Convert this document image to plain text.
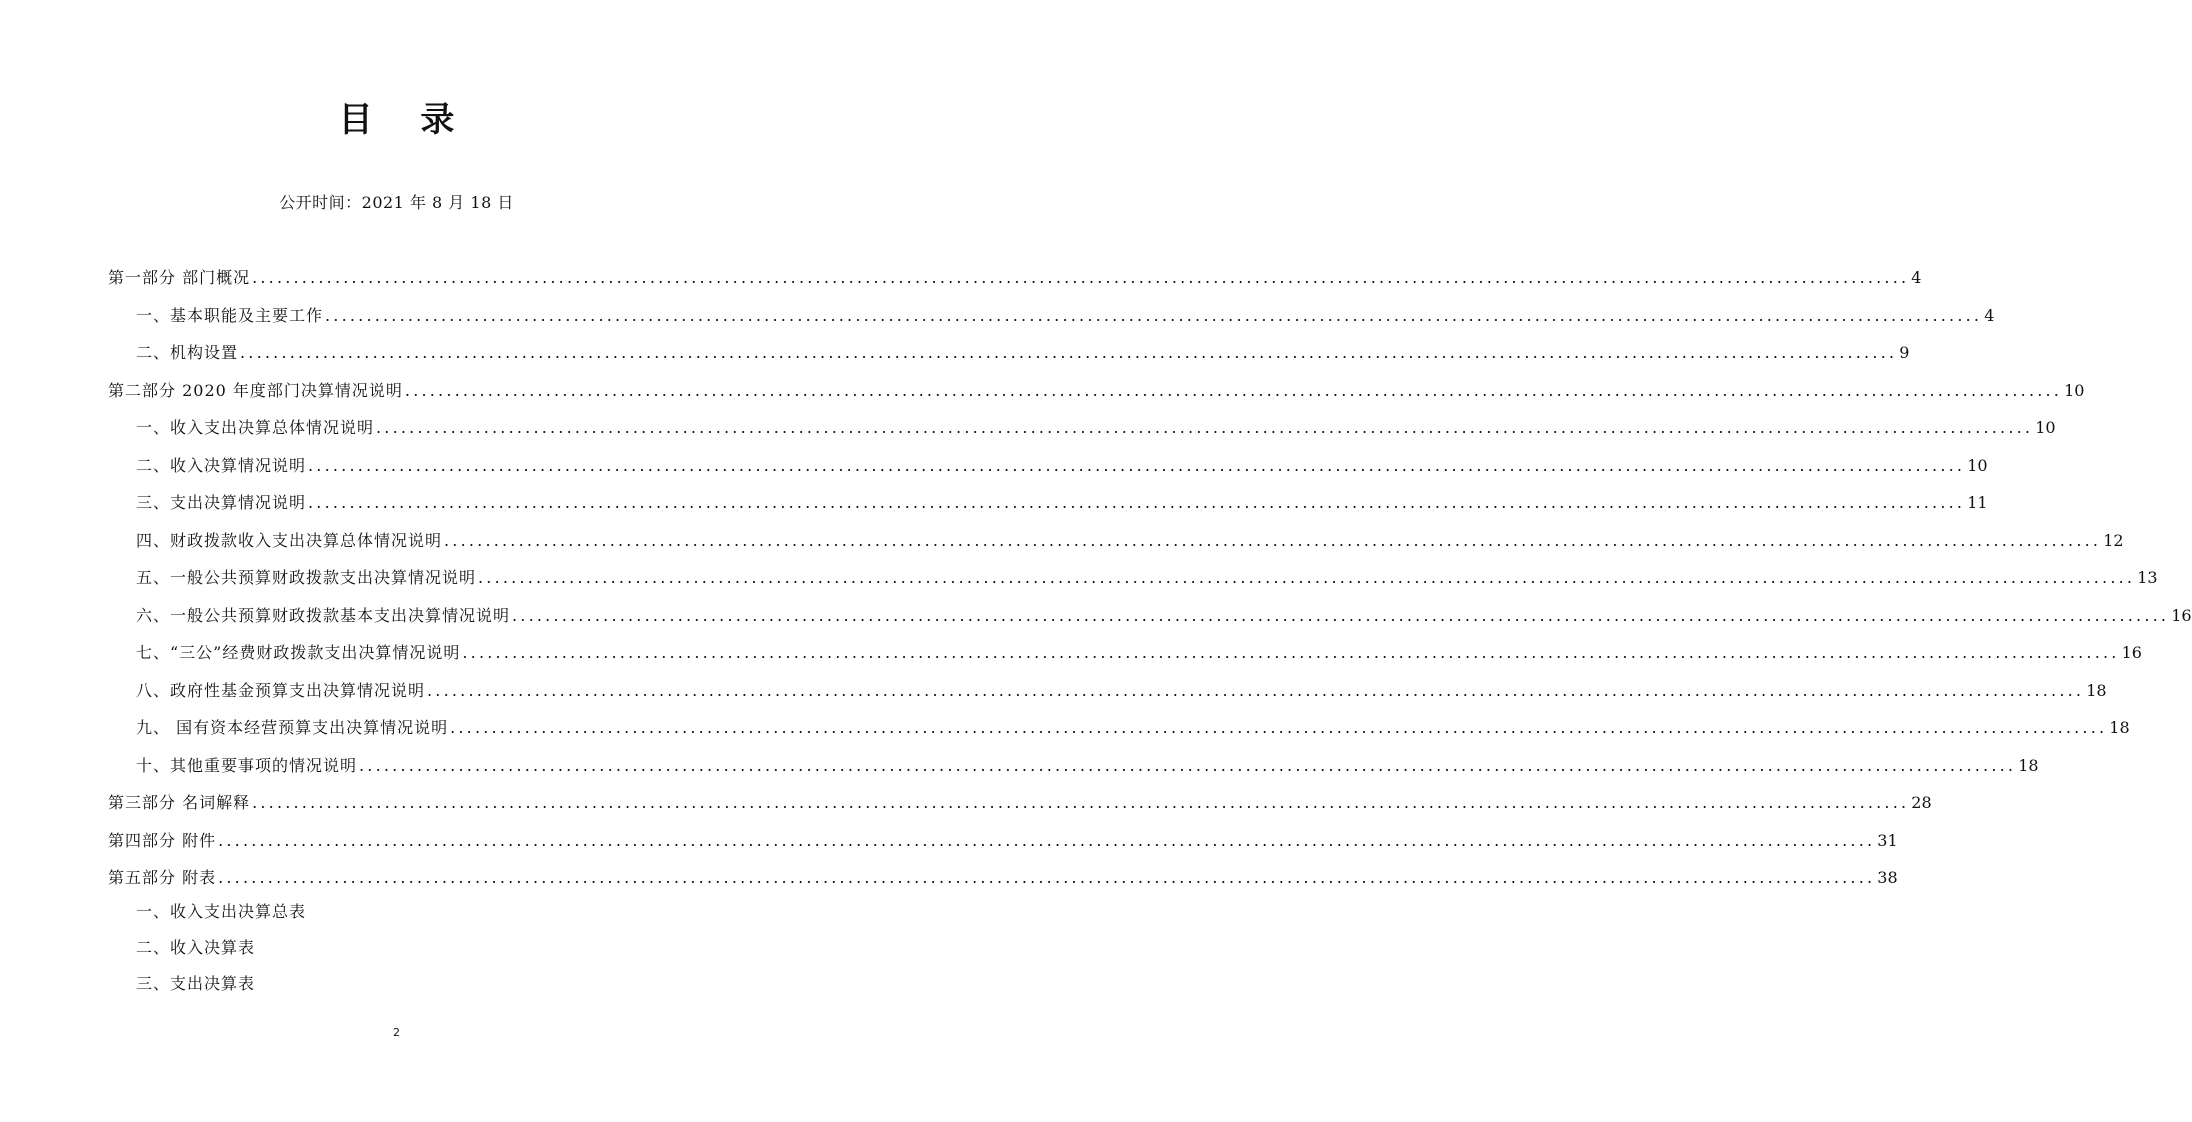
目 录
公开时间：2021 年 8 月 18 日
第一部分 部门概况 ........................................................................................................................................................................................................ 4
一、基本职能及主要工作 ........................................................................................................................................................................................................ 4
二、机构设置 ........................................................................................................................................................................................................ 9
第二部分 2020 年度部门决算情况说明 ........................................................................................................................................................................................................ 10
一、收入支出决算总体情况说明 ........................................................................................................................................................................................................ 10
二、收入决算情况说明 ........................................................................................................................................................................................................ 10
三、支出决算情况说明 ........................................................................................................................................................................................................ 11
四、财政拨款收入支出决算总体情况说明 ........................................................................................................................................................................................................ 12
五、一般公共预算财政拨款支出决算情况说明 ........................................................................................................................................................................................................ 13
六、一般公共预算财政拨款基本支出决算情况说明 ........................................................................................................................................................................................................ 16
七、“三公”经费财政拨款支出决算情况说明 ........................................................................................................................................................................................................ 16
八、政府性基金预算支出决算情况说明 ........................................................................................................................................................................................................ 18
九、 国有资本经营预算支出决算情况说明 ........................................................................................................................................................................................................ 18
十、其他重要事项的情况说明 ........................................................................................................................................................................................................ 18
第三部分 名词解释 ........................................................................................................................................................................................................ 28
第四部分 附件 ........................................................................................................................................................................................................ 31
第五部分 附表 ........................................................................................................................................................................................................ 38
一、收入支出决算总表
二、收入决算表
三、支出决算表
2
